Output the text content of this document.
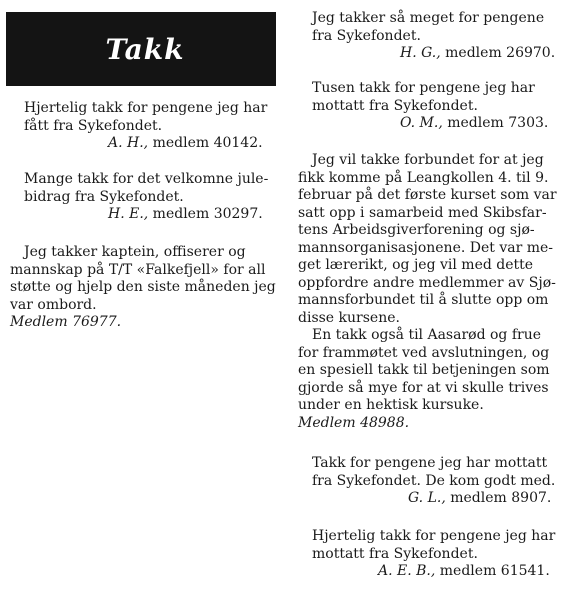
Takk

Hjertelig takk for pengene jeg har

fått fra Sykefondet.

A. H., medlem 40142.

Mange takk for det velkomne jule-

bidrag fra Sykefondet.

H. E., medlem 30297.

Jeg takker kaptein, offiserer og

mannskap på T/T «Falkefjell» for all

støtte og hjelp den siste måneden jeg

var ombord.

Medlem 76977.

Jeg takker så meget for pengene

fra Sykefondet.

H. G., medlem 26970.

Tusen takk for pengene jeg har

mottatt fra Sykefondet.

O. M., medlem 7303.

Jeg vil takke forbundet for at jeg

fikk komme på Leangkollen 4. til 9.

februar på det første kurset som var

satt opp i samarbeid med Skibsfar-

tens Arbeidsgiverforening og sjø-

mannsorganisasjonene. Det var me-

get lærerikt, og jeg vil med dette

oppfordre andre medlemmer av Sjø-

mannsforbundet til å slutte opp om

disse kursene.

En takk også til Aasarød og frue

for frammøtet ved avslutningen, og

en spesiell takk til betjeningen som

gjorde så mye for at vi skulle trives

under en hektisk kursuke.

Medlem 48988.

Takk for pengene jeg har mottatt

fra Sykefondet. De kom godt med.

G. L., medlem 8907.

Hjertelig takk for pengene jeg har

mottatt fra Sykefondet.

A. E. B., medlem 61541.
